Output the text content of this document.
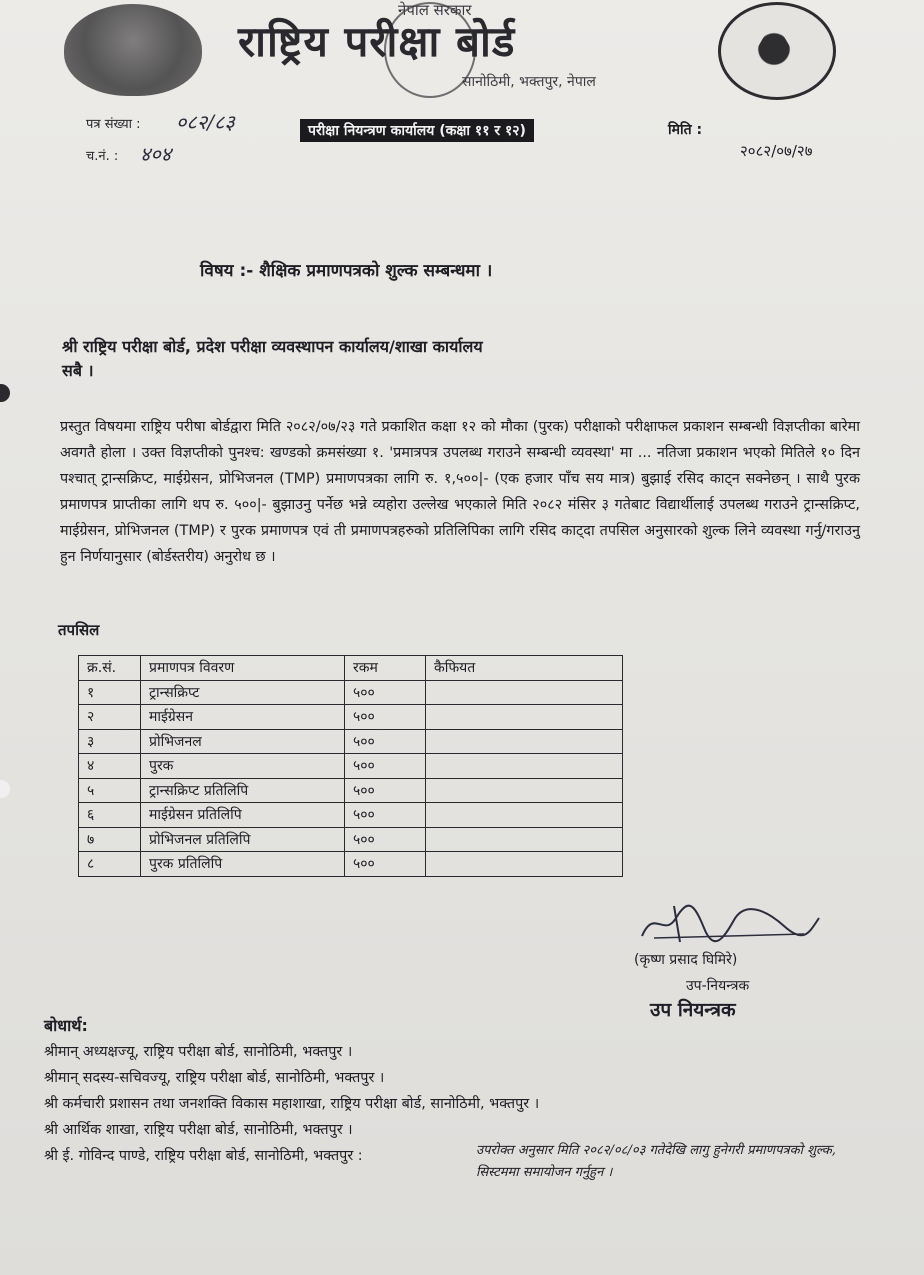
नेपाल सरकार
राष्ट्रिय परीक्षा बोर्ड
सानोठिमी, भक्तपुर, नेपाल
पत्र संख्या : ०८२/८३
च.नं. : ४०४
परीक्षा नियन्त्रण कार्यालय (कक्षा ११ र १२)	मिति :
२०८२/०७/२७
विषय :- शैक्षिक प्रमाणपत्रको शुल्क सम्बन्धमा ।
श्री राष्ट्रिय परीक्षा बोर्ड, प्रदेश परीक्षा व्यवस्थापन कार्यालय/शाखा कार्यालय
सबै ।
प्रस्तुत विषयमा राष्ट्रिय परीषा बोर्डद्वारा मिति २०८२/०७/२३ गते प्रकाशित कक्षा १२ को मौका (पुरक) परीक्षाको परीक्षाफल प्रकाशन सम्बन्धी विज्ञप्तीका बारेमा अवगतै होला । उक्त विज्ञप्तीको पुनश्च: खण्डको क्रमसंख्या १. 'प्रमात्रपत्र उपलब्ध गराउने सम्बन्धी व्यवस्था' मा ... नतिजा प्रकाशन भएको मितिले १० दिन पश्चात् ट्रान्सक्रिप्ट, माईग्रेसन, प्रोभिजनल (TMP) प्रमाणपत्रका लागि रु. १,५००|- (एक हजार पाँच सय मात्र) बुझाई रसिद काट्न सक्नेछन् । साथै पुरक प्रमाणपत्र प्राप्तीका लागि थप रु. ५००|- बुझाउनु पर्नेछ भन्ने व्यहोरा उल्लेख भएकाले मिति २०८२ मंसिर ३ गतेबाट विद्यार्थीलाई उपलब्ध गराउने ट्रान्सक्रिप्ट, माईग्रेसन, प्रोभिजनल (TMP) र पुरक प्रमाणपत्र एवं ती प्रमाणपत्रहरुको प्रतिलिपिका लागि रसिद काट्दा तपसिल अनुसारको शुल्क लिने व्यवस्था गर्नु/गराउनु हुन निर्णयानुसार (बोर्डस्तरीय) अनुरोध छ ।
तपसिल
क्र.सं.	प्रमाणपत्र विवरण	रकम	कैफियत
१	ट्रान्सक्रिप्ट	५००	
२	माईग्रेसन	५००	
३	प्रोभिजनल	५००	
४	पुरक	५००	
५	ट्रान्सक्रिप्ट प्रतिलिपि	५००	
६	माईग्रेसन प्रतिलिपि	५००	
७	प्रोभिजनल प्रतिलिपि	५००	
८	पुरक प्रतिलिपि	५००	
(कृष्ण प्रसाद घिमिरे)
उप-नियन्त्रक
उप नियन्त्रक
बोधार्थ:
श्रीमान् अध्यक्षज्यू, राष्ट्रिय परीक्षा बोर्ड, सानोठिमी, भक्तपुर ।
श्रीमान् सदस्य-सचिवज्यू, राष्ट्रिय परीक्षा बोर्ड, सानोठिमी, भक्तपुर ।
श्री कर्मचारी प्रशासन तथा जनशक्ति विकास महाशाखा, राष्ट्रिय परीक्षा बोर्ड, सानोठिमी, भक्तपुर ।
श्री आर्थिक शाखा, राष्ट्रिय परीक्षा बोर्ड, सानोठिमी, भक्तपुर ।
श्री ई. गोविन्द पाण्डे, राष्ट्रिय परीक्षा बोर्ड, सानोठिमी, भक्तपुर :	उपरोक्त अनुसार मिति २०८२/०८/०३ गतेदेखि लागु हुनेगरी प्रमाणपत्रको शुल्क, सिस्टममा समायोजन गर्नुहुन ।
